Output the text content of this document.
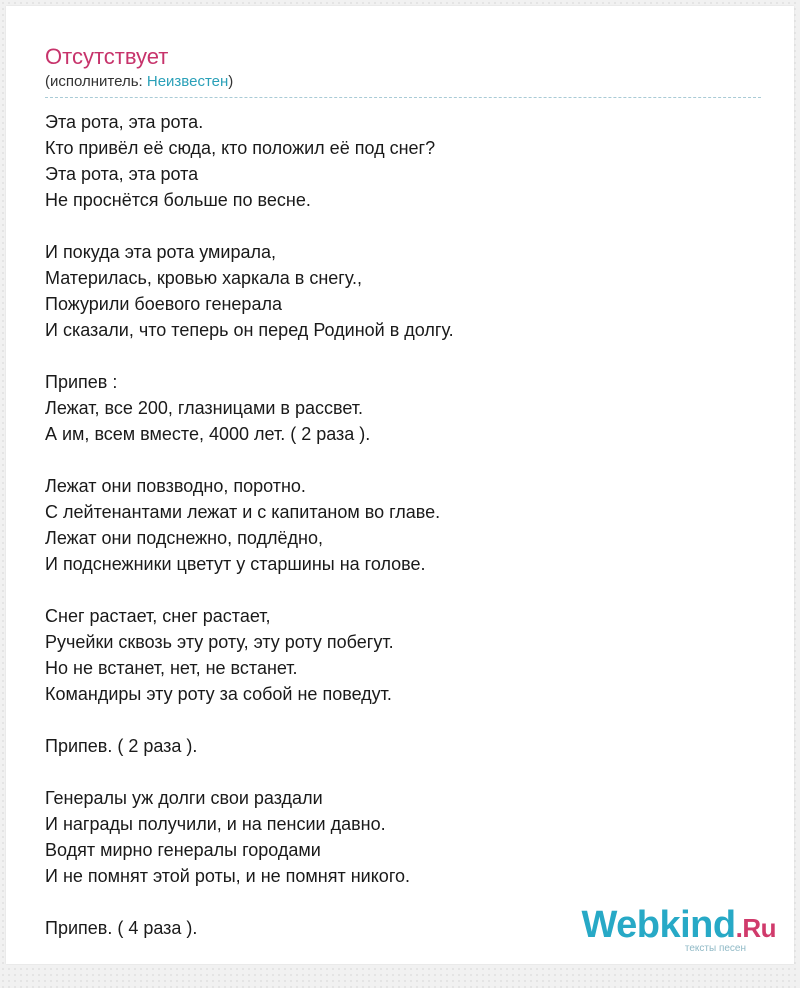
Отсутствует
(исполнитель: Неизвестен)
Эта рота, эта рота.
Кто привёл её сюда, кто положил её под снег?
Эта рота, эта рота
Не проснётся больше по весне.
И покуда эта рота умирала,
Материлась, кровью харкала в снегу.,
Пожурили боевого генерала
И сказали, что теперь он перед Родиной в долгу.
Припев :
Лежат, все 200, глазницами в рассвет.
А им, всем вместе, 4000 лет. ( 2 раза ).
Лежат они повзводно, поротно.
С лейтенантами лежат и с капитаном во главе.
Лежат они подснежно, подлёдно,
И подснежники цветут у старшины на голове.
Снег растает, снег растает,
Ручейки сквозь эту роту, эту роту побегут.
Но не встанет, нет, не встанет.
Командиры эту роту за собой не поведут.
Припев. ( 2 раза ).
Генералы уж долги свои раздали
И награды получили, и на пенсии давно.
Водят мирно генералы городами
И не помнят этой роты, и не помнят никого.
Припев. ( 4 раза ).	Webkind.Ru
тексты песен
